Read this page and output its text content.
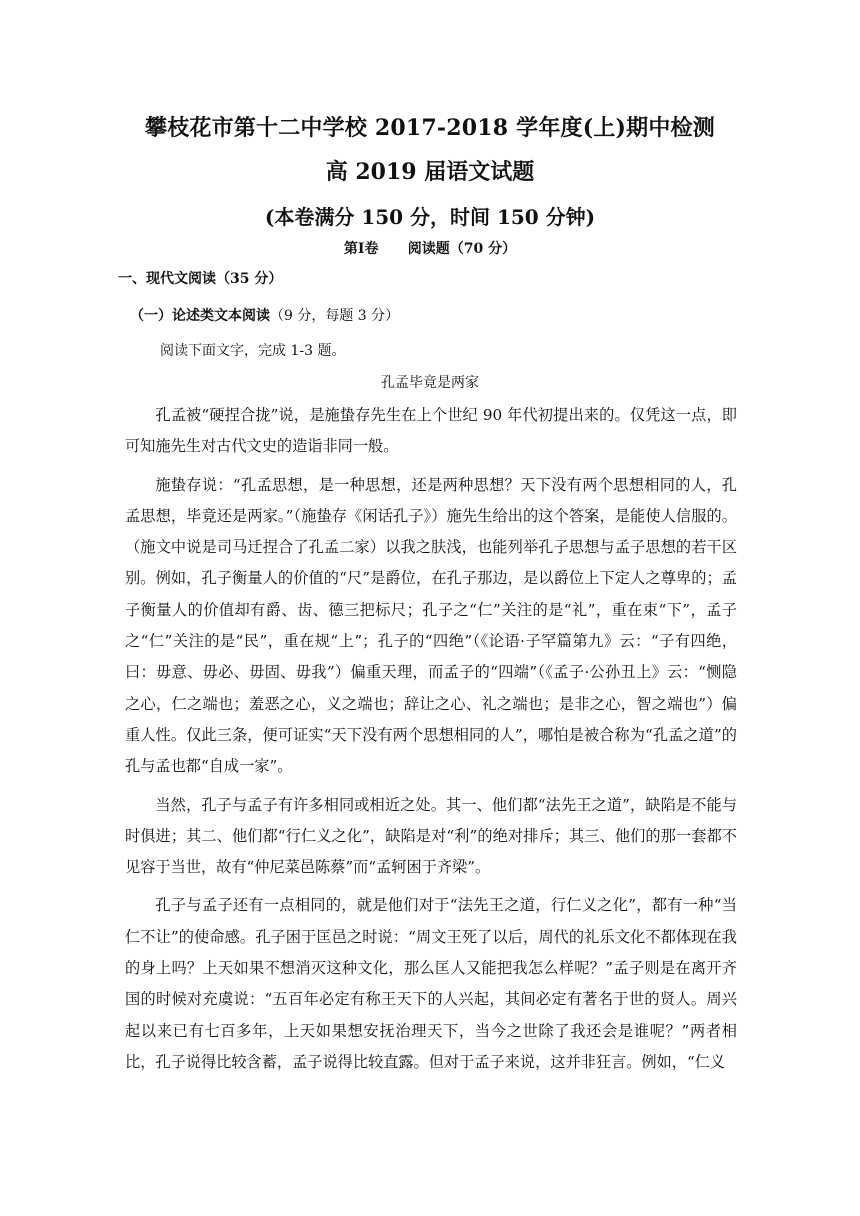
攀枝花市第十二中学校 2017-2018 学年度(上)期中检测
高 2019 届语文试题
(本卷满分 150 分，时间 150 分钟)
第Ⅰ卷      阅读题（70 分）
一、现代文阅读（35 分）
（一）论述类文本阅读（9 分，每题 3 分）
阅读下面文字，完成 1-3 题。
孔孟毕竟是两家

孔孟被“硬捏合拢”说，是施蛰存先生在上个世纪 90 年代初提出来的。仅凭这一点，即可知施先生对古代文史的造诣非同一般。

施蛰存说：“孔孟思想，是一种思想，还是两种思想？天下没有两个思想相同的人，孔孟思想，毕竟还是两家。”（施蛰存《闲话孔子》）施先生给出的这个答案，是能使人信服的。（施文中说是司马迁捏合了孔孟二家）以我之肤浅，也能列举孔子思想与孟子思想的若干区别。例如，孔子衡量人的价值的“尺”是爵位，在孔子那边，是以爵位上下定人之尊卑的；孟子衡量人的价值却有爵、齿、德三把标尺；孔子之“仁”关注的是“礼”，重在束“下”，孟子之“仁”关注的是“民”，重在规“上”；孔子的“四绝”（《论语·子罕篇第九》云：“子有四绝，曰：毋意、毋必、毋固、毋我”）偏重天理，而孟子的“四端”（《孟子·公孙丑上》云：“恻隐之心，仁之端也；羞恶之心，义之端也；辞让之心、礼之端也；是非之心，智之端也”）偏重人性。仅此三条，便可证实“天下没有两个思想相同的人”，哪怕是被合称为“孔孟之道”的孔与孟也都“自成一家”。

当然，孔子与孟子有许多相同或相近之处。其一、他们都“法先王之道”，缺陷是不能与时俱进；其二、他们都“行仁义之化”，缺陷是对“利”的绝对排斥；其三、他们的那一套都不见容于当世，故有“仲尼菜邑陈蔡”而“孟轲困于齐梁”。

孔子与孟子还有一点相同的，就是他们对于“法先王之道，行仁义之化”，都有一种“当仁不让”的使命感。孔子困于匡邑之时说：“周文王死了以后，周代的礼乐文化不都体现在我的身上吗？上天如果不想消灭这种文化，那么匡人又能把我怎么样呢？”孟子则是在离开齐国的时候对充虞说：“五百年必定有称王天下的人兴起，其间必定有著名于世的贤人。周兴起以来已有七百多年，上天如果想安抚治理天下，当今之世除了我还会是谁呢？”两者相比，孔子说得比较含蓄，孟子说得比较直露。但对于孟子来说，这并非狂言。例如，“仁义
